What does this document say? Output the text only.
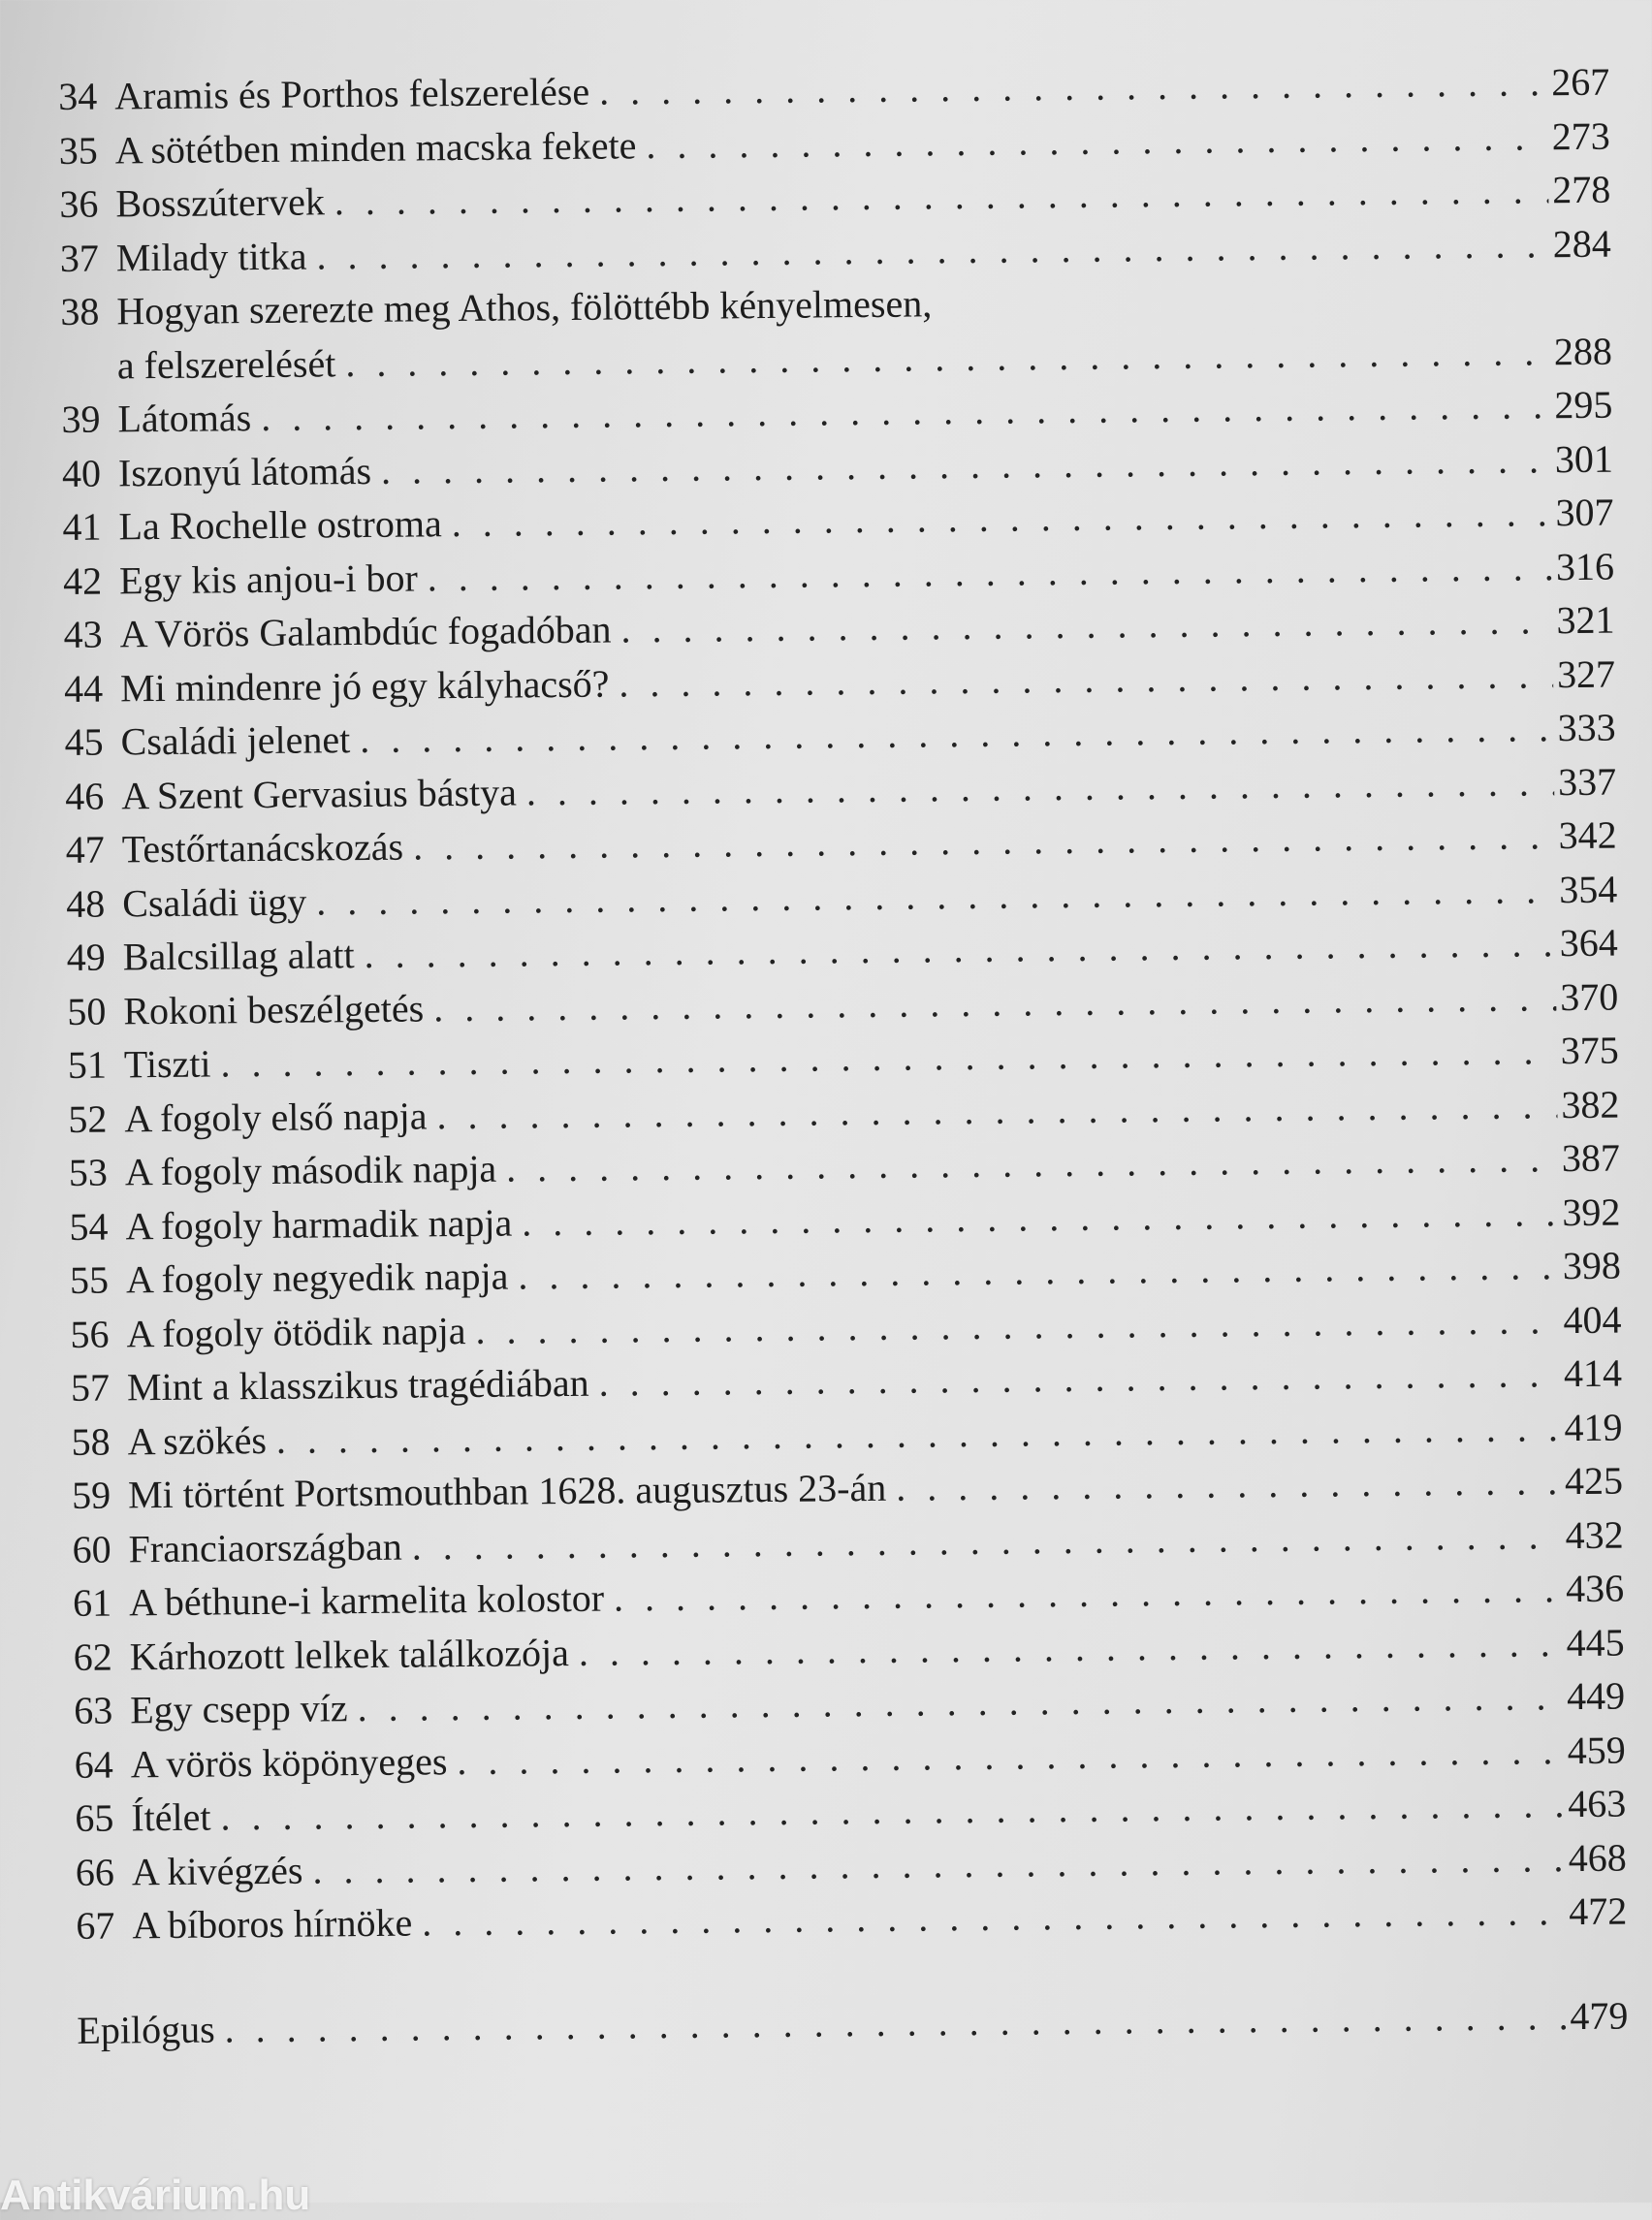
34 Aramis és Porthos felszerelése . . .	267
35 A sötétben minden macska fekete . . .	273
36 Bosszútervek . . .	278
37 Milady titka . . .	284
38 Hogyan szerezte meg Athos, fölöttébb kényelmesen,
a felszerelését . . .	288
39 Látomás . . .	295
40 Iszonyú látomás . . .	301
41 La Rochelle ostroma . . .	307
42 Egy kis anjou-i bor . . .	316
43 A Vörös Galambdúc fogadóban . . .	321
44 Mi mindenre jó egy kályhacső? . . .	327
45 Családi jelenet . . .	333
46 A Szent Gervasius bástya . . .	337
47 Testőrtanácskozás . . .	342
48 Családi ügy . . .	354
49 Balcsillag alatt . . .	364
50 Rokoni beszélgetés . . .	370
51 Tiszti . . .	375
52 A fogoly első napja . . .	382
53 A fogoly második napja . . .	387
54 A fogoly harmadik napja . . .	392
55 A fogoly negyedik napja . . .	398
56 A fogoly ötödik napja . . .	404
57 Mint a klasszikus tragédiában . . .	414
58 A szökés . . .	419
59 Mi történt Portsmouthban 1628. augusztus 23-án . . .	425
60 Franciaországban . . .	432
61 A béthune-i karmelita kolostor . . .	436
62 Kárhozott lelkek találkozója . . .	445
63 Egy csepp víz . . .	449
64 A vörös köpönyeges . . .	459
65 Ítélet . . .	463
66 A kivégzés . . .	468
67 A bíboros hírnöke . . .	472
Epilógus . . .	479
Antikvárium.hu
